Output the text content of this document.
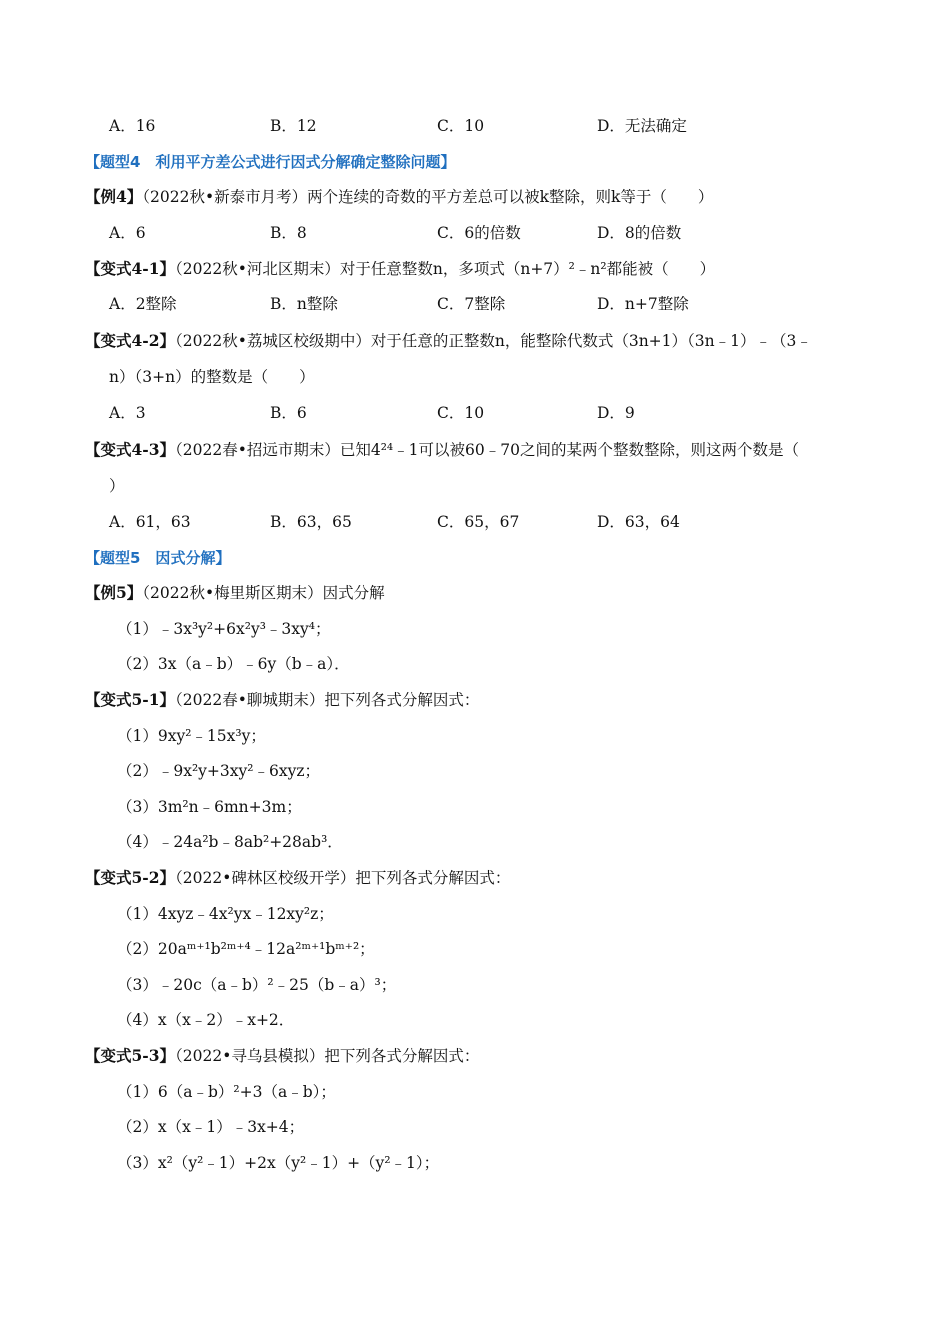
A．16	B．12	C．10	D．无法确定
【题型4　利用平方差公式进行因式分解确定整除问题】
【例4】（2022秋•新泰市月考）两个连续的奇数的平方差总可以被k整除，则k等于（　　）
A．6	B．8	C．6的倍数	D．8的倍数
【变式4-1】（2022秋•河北区期末）对于任意整数n，多项式（n+7）²﹣n²都能被（　　）
A．2整除	B．n整除	C．7整除	D．n+7整除
【变式4-2】（2022秋•荔城区校级期中）对于任意的正整数n，能整除代数式（3n+1）（3n﹣1）﹣（3﹣
n）（3+n）的整数是（　　）
A．3	B．6	C．10	D．9
【变式4-3】（2022春•招远市期末）已知4²⁴﹣1可以被60﹣70之间的某两个整数整除，则这两个数是（
）
A．61，63	B．63，65	C．65，67	D．63，64
【题型5　因式分解】
【例5】（2022秋•梅里斯区期末）因式分解
（1）﹣3x³y²+6x²y³﹣3xy⁴；
（2）3x（a﹣b）﹣6y（b﹣a）．
【变式5-1】（2022春•聊城期末）把下列各式分解因式：
（1）9xy²﹣15x³y；
（2）﹣9x²y+3xy²﹣6xyz；
（3）3m²n﹣6mn+3m；
（4）﹣24a²b﹣8ab²+28ab³．
【变式5-2】（2022•碑林区校级开学）把下列各式分解因式：
（1）4xyz﹣4x²yx﹣12xy²z；
（2）20aᵐ⁺¹b²ᵐ⁺⁴﹣12a²ᵐ⁺¹bᵐ⁺²；
（3）﹣20c（a﹣b）²﹣25（b﹣a）³；
（4）x（x﹣2）﹣x+2．
【变式5-3】（2022•寻乌县模拟）把下列各式分解因式：
（1）6（a﹣b）²+3（a﹣b）；
（2）x（x﹣1）﹣3x+4；
（3）x²（y²﹣1）+2x（y²﹣1）+（y²﹣1）；
